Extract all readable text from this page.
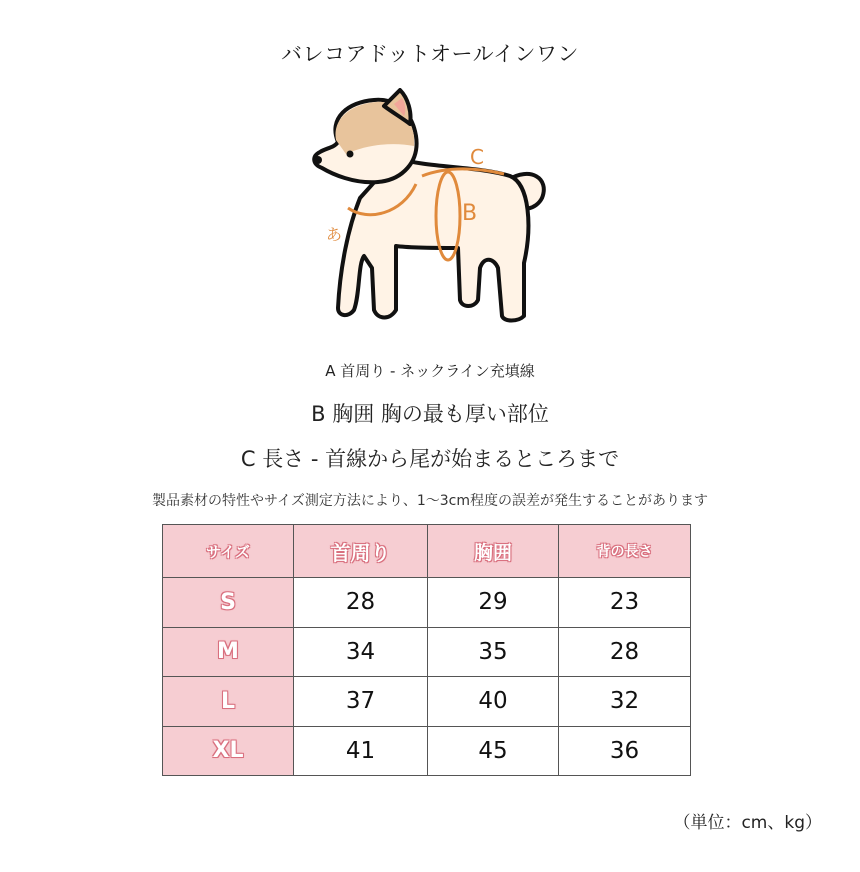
バレコアドットオールインワン
あ
B
C
A 首周り - ネックライン充填線
B 胸囲 胸の最も厚い部位
C 長さ - 首線から尾が始まるところまで
製品素材の特性やサイズ測定方法により、1～3cm程度の誤差が発生することがあります
サイズ	首周り	胸囲	背の長さ
S	28	29	23
M	34	35	28
L	37	40	32
XL	41	45	36
（単位：cm、kg）
